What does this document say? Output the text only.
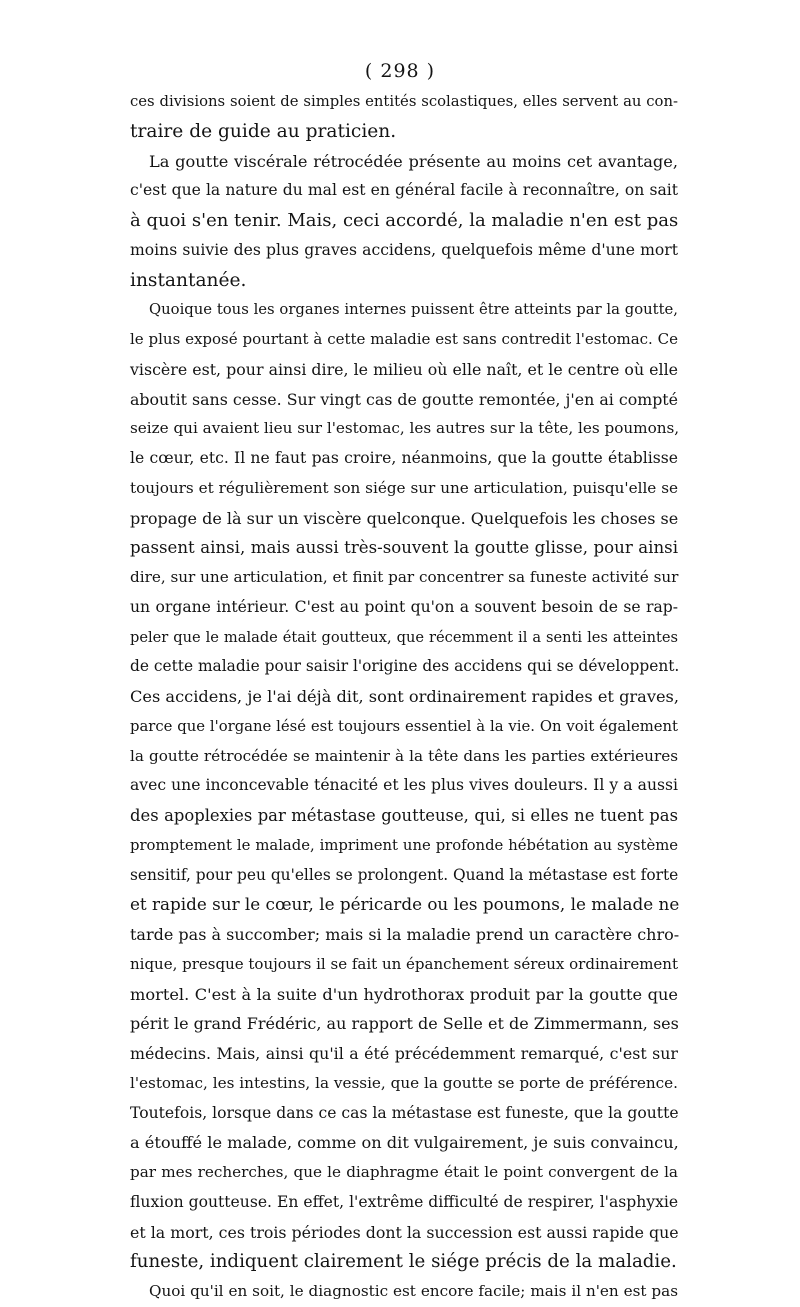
( 298 )
ces divisions soient de simples entités scolastiques, elles servent au con-
traire de guide au praticien.
La goutte viscérale rétrocédée présente au moins cet avantage,
c'est que la nature du mal est en général facile à reconnaître, on sait
à quoi s'en tenir. Mais, ceci accordé, la maladie n'en est pas
moins suivie des plus graves accidens, quelquefois même d'une mort
instantanée.
Quoique tous les organes internes puissent être atteints par la goutte,
le plus exposé pourtant à cette maladie est sans contredit l'estomac. Ce
viscère est, pour ainsi dire, le milieu où elle naît, et le centre où elle
aboutit sans cesse. Sur vingt cas de goutte remontée, j'en ai compté
seize qui avaient lieu sur l'estomac, les autres sur la tête, les poumons,
le cœur, etc. Il ne faut pas croire, néanmoins, que la goutte établisse
toujours et régulièrement son siége sur une articulation, puisqu'elle se
propage de là sur un viscère quelconque. Quelquefois les choses se
passent ainsi, mais aussi très-souvent la goutte glisse, pour ainsi
dire, sur une articulation, et finit par concentrer sa funeste activité sur
un organe intérieur. C'est au point qu'on a souvent besoin de se rap-
peler que le malade était goutteux, que récemment il a senti les atteintes
de cette maladie pour saisir l'origine des accidens qui se développent.
Ces accidens, je l'ai déjà dit, sont ordinairement rapides et graves,
parce que l'organe lésé est toujours essentiel à la vie. On voit également
la goutte rétrocédée se maintenir à la tête dans les parties extérieures
avec une inconcevable ténacité et les plus vives douleurs. Il y a aussi
des apoplexies par métastase goutteuse, qui, si elles ne tuent pas
promptement le malade, impriment une profonde hébétation au système
sensitif, pour peu qu'elles se prolongent. Quand la métastase est forte
et rapide sur le cœur, le péricarde ou les poumons, le malade ne
tarde pas à succomber; mais si la maladie prend un caractère chro-
nique, presque toujours il se fait un épanchement séreux ordinairement
mortel. C'est à la suite d'un hydrothorax produit par la goutte que
périt le grand Frédéric, au rapport de Selle et de Zimmermann, ses
médecins. Mais, ainsi qu'il a été précédemment remarqué, c'est sur
l'estomac, les intestins, la vessie, que la goutte se porte de préférence.
Toutefois, lorsque dans ce cas la métastase est funeste, que la goutte
a étouffé le malade, comme on dit vulgairement, je suis convaincu,
par mes recherches, que le diaphragme était le point convergent de la
fluxion goutteuse. En effet, l'extrême difficulté de respirer, l'asphyxie
et la mort, ces trois périodes dont la succession est aussi rapide que
funeste, indiquent clairement le siége précis de la maladie.
Quoi qu'il en soit, le diagnostic est encore facile; mais il n'en est pas
